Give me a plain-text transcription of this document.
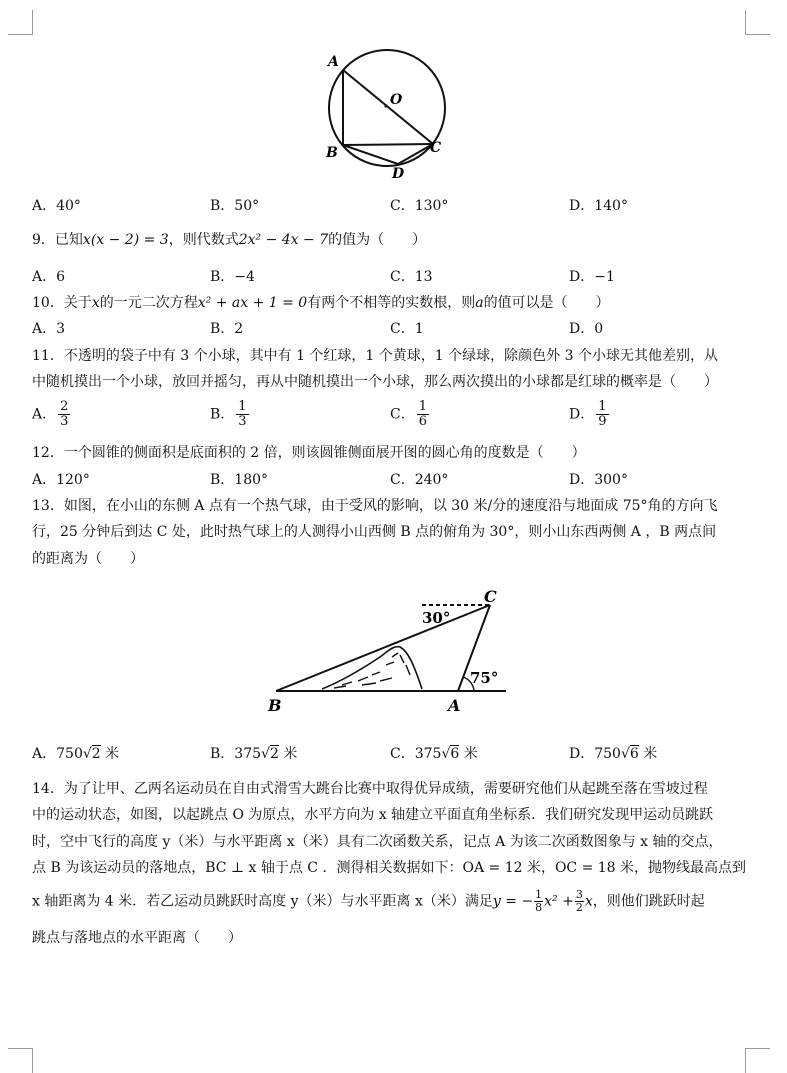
A
O
B	C
D
A．40°	B．50°	C．130°	D．140°
9．已知x(x − 2) = 3，则代数式2x² − 4x − 7的值为（　　）
A．6	B．−4	C．13	D．−1
10．关于x的一元二次方程x² + ax + 1 = 0有两个不相等的实数根，则a的值可以是（　　）
A．3	B．2	C．1	D．0
11．不透明的袋子中有 3 个小球，其中有 1 个红球，1 个黄球，1 个绿球，除颜色外 3 个小球无其他差别，从
中随机摸出一个小球，放回并摇匀，再从中随机摸出一个小球，那么两次摸出的小球都是红球的概率是（　　）
A． $\frac{2}{3}$	B． $\frac{1}{3}$	C． $\frac{1}{6}$	D． $\frac{1}{9}$
12．一个圆锥的侧面积是底面积的 2 倍，则该圆锥侧面展开图的圆心角的度数是（　　）
A．120°	B．180°	C．240°	D．300°
13．如图，在小山的东侧 A 点有一个热气球，由于受风的影响，以 30 米/分的速度沿与地面成 75°角的方向飞
行，25 分钟后到达 C 处，此时热气球上的人测得小山西侧 B 点的俯角为 30°，则小山东西两侧 A ，B 两点间
的距离为（　　）
C
30°
75°
B	A
A．750√2 米	B．375√2 米	C．375√6 米	D．750√6 米
14．为了让甲、乙两名运动员在自由式滑雪大跳台比赛中取得优异成绩，需要研究他们从起跳至落在雪坡过程
中的运动状态，如图，以起跳点 O 为原点，水平方向为 x 轴建立平面直角坐标系．我们研究发现甲运动员跳跃
时，空中飞行的高度 y（米）与水平距离 x（米）具有二次函数关系，记点 A 为该二次函数图象与 x 轴的交点，
点 B 为该运动员的落地点，BC ⊥ x 轴于点 C ．测得相关数据如下：OA = 12 米，OC = 18 米，抛物线最高点到
x 轴距离为 4 米．若乙运动员跳跃时高度 y（米）与水平距离 x（米）满足y = − $\frac{1}{8} x^2 + \frac{3}{2}$ x，则他们跳跃时起
跳点与落地点的水平距离（　　）
